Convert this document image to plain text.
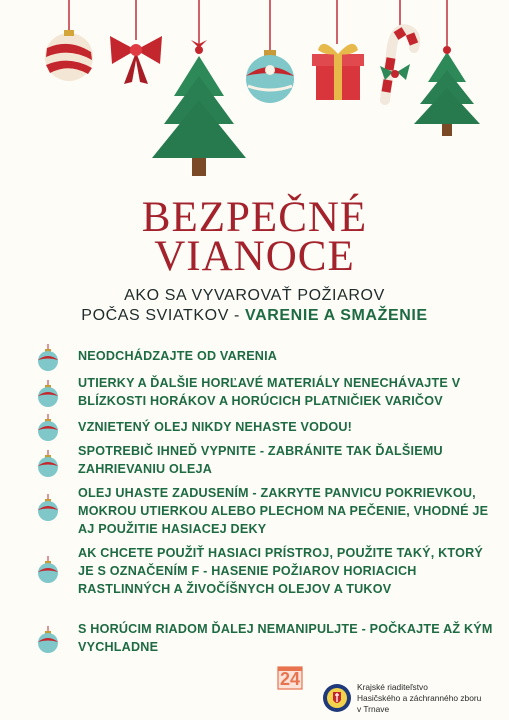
BEZPEČNÉ
VIANOCE
AKO SA VYVAROVAŤ POŽIAROV
POČAS SVIATKOV - VARENIE A SMAŽENIE
NEODCHÁDZAJTE OD VARENIA
UTIERKY A ĎALŠIE HORĽAVÉ MATERIÁLY NENECHÁVAJTE V BLÍZKOSTI HORÁKOV A HORÚCICH PLATNIČIEK VARIČOV
VZNIETENÝ OLEJ NIKDY NEHASTE VODOU!
SPOTREBIČ IHNEĎ VYPNITE - ZABRÁNITE TAK ĎALŠIEMU ZAHRIEVANIU OLEJA
OLEJ UHASTE ZADUSENÍM - ZAKRYTE PANVICU POKRIEVKOU, MOKROU UTIERKOU ALEBO PLECHOM NA PEČENIE, VHODNÉ JE AJ POUŽITIE HASIACEJ DEKY
AK CHCETE POUŽIŤ HASIACI PRÍSTROJ, POUŽITE TAKÝ, KTORÝ JE S OZNAČENÍM F - HASENIE POŽIAROV HORIACICH RASTLINNÝCH A ŽIVOČÍŠNYCH OLEJOV A TUKOV
S HORÚCIM RIADOM ĎALEJ NEMANIPULJTE - POČKAJTE AŽ KÝM VYCHLADNE
24	Krajské riaditeľstvo
Hasičského a záchranného zboru
v Trnave
